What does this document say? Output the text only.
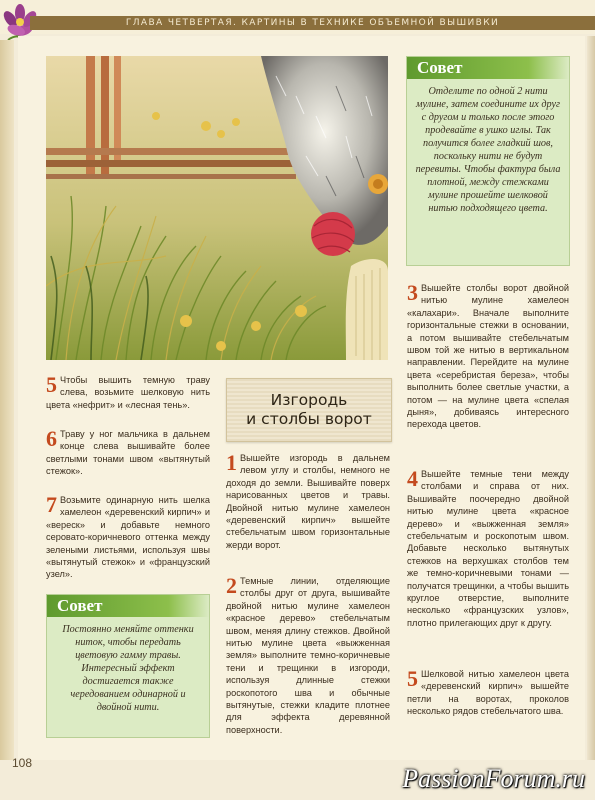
ГЛАВА ЧЕТВЕРТАЯ. КАРТИНЫ В ТЕХНИКЕ ОБЪЕМНОЙ ВЫШИВКИ
Совет
Отделите по одной 2 нити мулине, затем соедините их друг с другом и только после этого продевайте в ушко иглы. Так получится более гладкий шов, поскольку нити не будут перевиты. Чтобы фактура была плотной, между стежками мулине прошейте шелковой нитью подходящего цвета.
5 Чтобы вышить темную траву слева, возьмите шелковую нить цвета «нефрит» и «лесная тень».
6 Траву у ног мальчика в дальнем конце слева вышивайте более светлыми тонами швом «вытянутый стежок».
7 Возьмите одинарную нить шелка хамелеон «деревенский кирпич» и «вереск» и добавьте немного серовато-коричневого оттенка между зелеными листьями, используя швы «вытянутый стежок» и «французский узел».
Совет
Постоянно меняйте оттенки ниток, чтобы передать цветовую гамму травы. Интересный эффект достигается также чередованием одинарной и двойной нити.
Изгородь
и столбы ворот
1 Вышейте изгородь в дальнем левом углу и столбы, немного не доходя до земли. Вышивайте поверх нарисованных цветов и травы. Двойной нитью мулине хамелеон «деревенский кирпич» вышейте стебельчатым швом горизонтальные жерди ворот.
2 Темные линии, отделяющие столбы друг от друга, вышивайте двойной нитью мулине хамелеон «красное дерево» стебельчатым швом, меняя длину стежков. Двойной нитью мулине цвета «выжженная земля» выполните темно-коричневые тени и трещинки в изгороди, используя длинные стежки роскопотого шва и обычные вытянутые, стежки кладите плотнее для эффекта деревянной поверхности.
3 Вышейте столбы ворот двойной нитью мулине хамелеон «калахари». Вначале выполните горизонтальные стежки в основании, а потом вышивайте стебельчатым швом той же нитью в вертикальном направлении. Перейдите на мулине цвета «серебристая береза», чтобы выполнить более светлые участки, а потом — на мулине цвета «спелая дыня», добиваясь интересного перехода цветов.
4 Вышейте темные тени между столбами и справа от них. Вышивайте поочередно двойной нитью мулине цвета «красное дерево» и «выжженная земля» стебельчатым и роскопотым швом. Добавьте несколько вытянутых стежков на верхушках столбов тем же темно-коричневыми тонами — получатся трещинки, а чтобы вышить круглое отверстие, выполните несколько «французских узлов», плотно прилегающих друг к другу.
5 Шелковой нитью хамелеон цвета «деревенский кирпич» вышейте петли на воротах, проколов несколько рядов стебельчатого шва.
108
PassionForum.ru
